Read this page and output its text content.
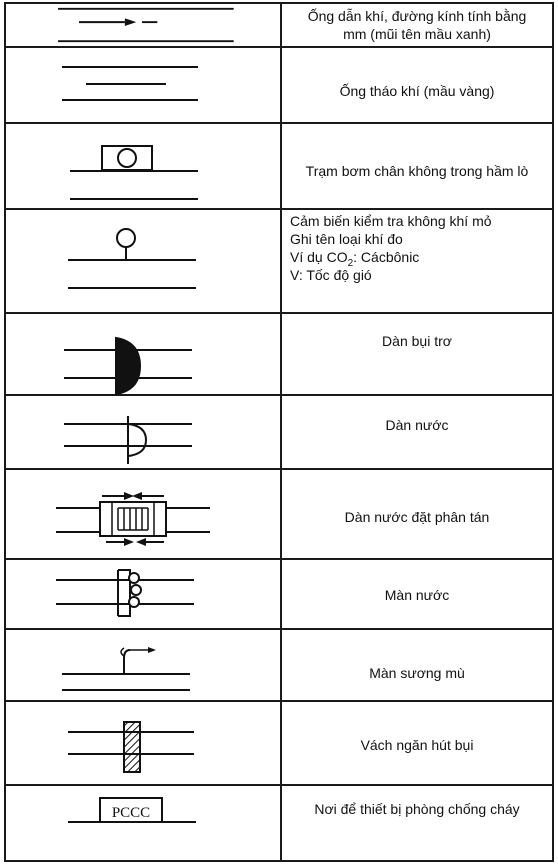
Ống dẫn khí, đường kính tính bằng
mm (mũi tên mầu xanh)
Ống tháo khí (mầu vàng)
Trạm bơm chân không trong hầm lò
Cảm biến kiểm tra không khí mỏ
Ghi tên loại khí đo
Ví dụ $CO_2$: Cácbônic
V: Tốc độ gió
Dàn bụi trơ
Dàn nước
Dàn nước đặt phân tán
Màn nước
Màn sương mù
Vách ngăn hút bụi
PCCC	Nơi để thiết bị phòng chống cháy
